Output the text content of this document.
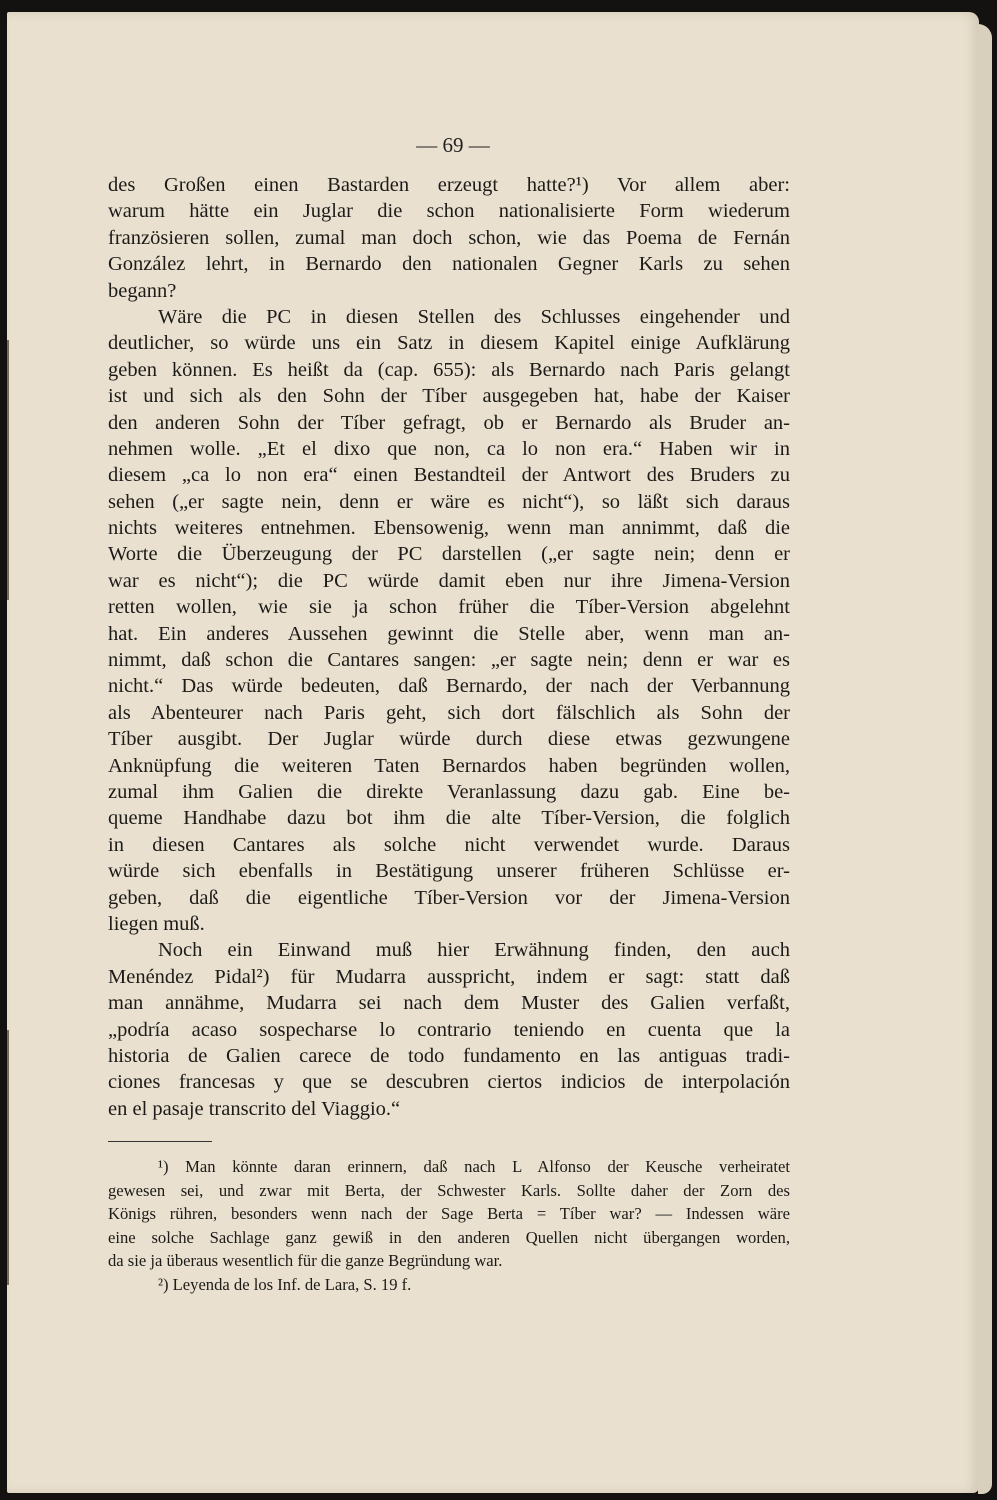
— 69 —
des Großen einen Bastarden erzeugt hatte?¹) Vor allem aber:
warum hätte ein Juglar die schon nationalisierte Form wiederum
französieren sollen, zumal man doch schon, wie das Poema de Fernán
González lehrt, in Bernardo den nationalen Gegner Karls zu sehen
begann?
Wäre die PC in diesen Stellen des Schlusses eingehender und
deutlicher, so würde uns ein Satz in diesem Kapitel einige Aufklärung
geben können. Es heißt da (cap. 655): als Bernardo nach Paris gelangt
ist und sich als den Sohn der Tíber ausgegeben hat, habe der Kaiser
den anderen Sohn der Tíber gefragt, ob er Bernardo als Bruder an-
nehmen wolle. „Et el dixo que non, ca lo non era.“ Haben wir in
diesem „ca lo non era“ einen Bestandteil der Antwort des Bruders zu
sehen („er sagte nein, denn er wäre es nicht“), so läßt sich daraus
nichts weiteres entnehmen. Ebensowenig, wenn man annimmt, daß die
Worte die Überzeugung der PC darstellen („er sagte nein; denn er
war es nicht“); die PC würde damit eben nur ihre Jimena-Version
retten wollen, wie sie ja schon früher die Tíber-Version abgelehnt
hat. Ein anderes Aussehen gewinnt die Stelle aber, wenn man an-
nimmt, daß schon die Cantares sangen: „er sagte nein; denn er war es
nicht.“ Das würde bedeuten, daß Bernardo, der nach der Verbannung
als Abenteurer nach Paris geht, sich dort fälschlich als Sohn der
Tíber ausgibt. Der Juglar würde durch diese etwas gezwungene
Anknüpfung die weiteren Taten Bernardos haben begründen wollen,
zumal ihm Galien die direkte Veranlassung dazu gab. Eine be-
queme Handhabe dazu bot ihm die alte Tíber-Version, die folglich
in diesen Cantares als solche nicht verwendet wurde. Daraus
würde sich ebenfalls in Bestätigung unserer früheren Schlüsse er-
geben, daß die eigentliche Tíber-Version vor der Jimena-Version
liegen muß.
Noch ein Einwand muß hier Erwähnung finden, den auch
Menéndez Pidal²) für Mudarra ausspricht, indem er sagt: statt daß
man annähme, Mudarra sei nach dem Muster des Galien verfaßt,
„podría acaso sospecharse lo contrario teniendo en cuenta que la
historia de Galien carece de todo fundamento en las antiguas tradi-
ciones francesas y que se descubren ciertos indicios de interpolación
en el pasaje transcrito del Viaggio.“
¹) Man könnte daran erinnern, daß nach L Alfonso der Keusche verheiratet
gewesen sei, und zwar mit Berta, der Schwester Karls. Sollte daher der Zorn des
Königs rühren, besonders wenn nach der Sage Berta = Tíber war? — Indessen wäre
eine solche Sachlage ganz gewiß in den anderen Quellen nicht übergangen worden,
da sie ja überaus wesentlich für die ganze Begründung war.
²) Leyenda de los Inf. de Lara, S. 19 f.
